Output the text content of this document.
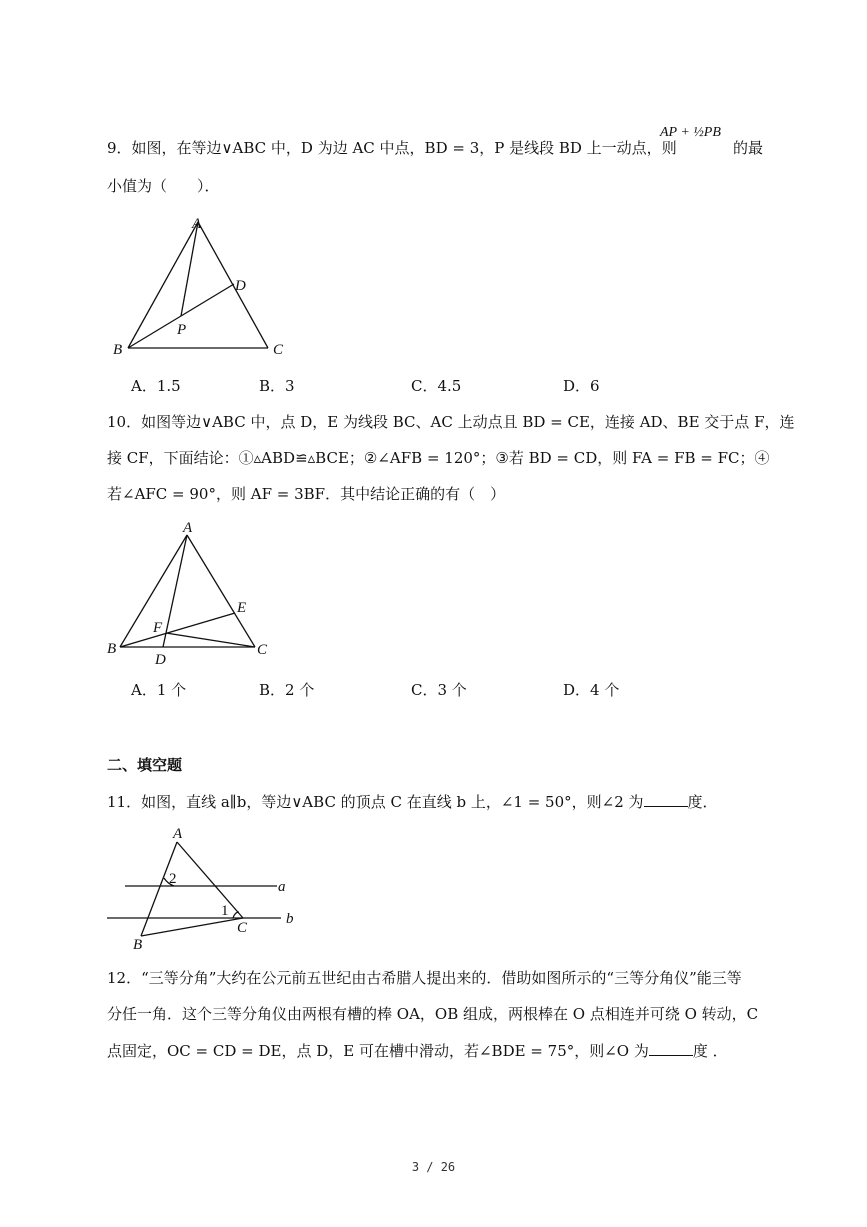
9．如图，在等边∨ABC 中，D 为边 AC 中点，BD = 3，P 是线段 BD 上一动点，则
AP + ½PB
的最
小值为（　　）．
A
D
P
B	C
A．1.5	B．3	C．4.5	D．6
10．如图等边∨ABC 中，点 D，E 为线段 BC、AC 上动点且 BD = CE，连接 AD、BE 交于点 F，连
接 CF，下面结论：①▵ABD≌▵BCE；②∠AFB = 120°；③若 BD = CD，则 FA = FB = FC；④
若∠AFC = 90°，则 AF = 3BF．其中结论正确的有（　）
A
E
F
B
D
C
A．1 个	B．2 个	C．3 个	D．4 个
二、填空题
11．如图，直线 a∥b，等边∨ABC 的顶点 C 在直线 b 上，∠1 = 50°，则∠2 为	度．
A
2	a
1
C
b
B
12．“三等分角”大约在公元前五世纪由古希腊人提出来的．借助如图所示的“三等分角仪”能三等
分任一角．这个三等分角仪由两根有槽的棒 OA，OB 组成，两根棒在 O 点相连并可绕 O 转动，C
点固定，OC = CD = DE，点 D，E 可在槽中滑动，若∠BDE = 75°，则∠O 为	度 ．
3 / 26
